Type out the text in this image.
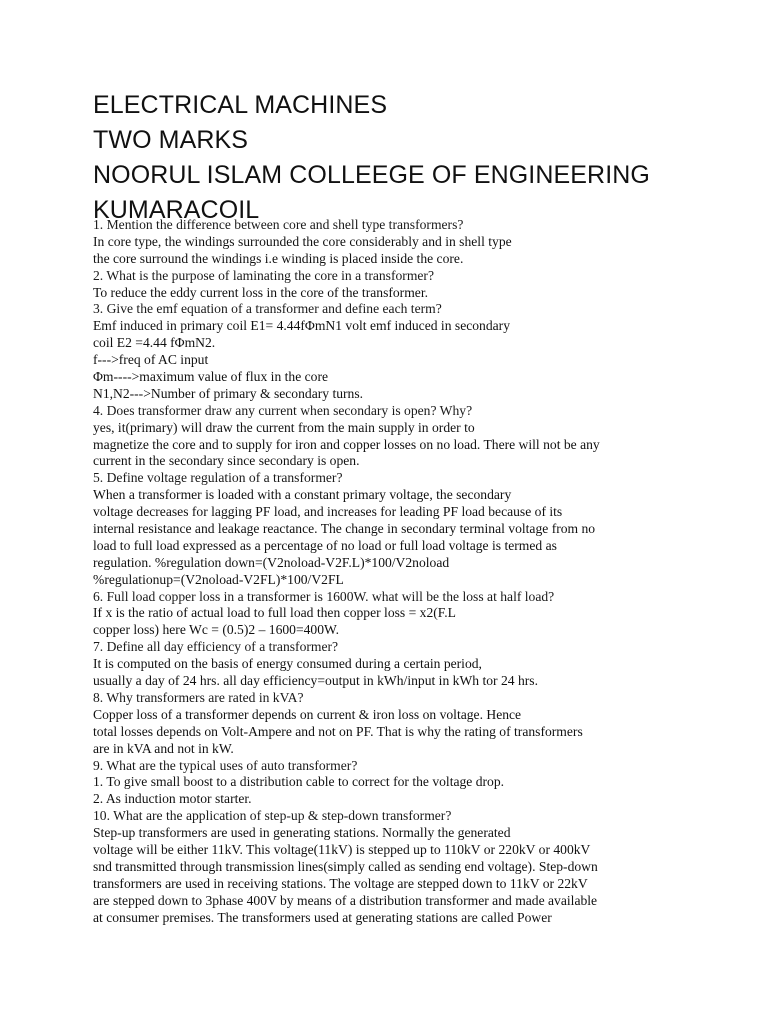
ELECTRICAL MACHINES
TWO MARKS
NOORUL ISLAM COLLEEGE OF ENGINEERING
KUMARACOIL
1. Mention the difference between core and shell type transformers?
In core type, the windings surrounded the core considerably and in shell type
the core surround the windings i.e winding is placed inside the core.
2. What is the purpose of laminating the core in a transformer?
To reduce the eddy current loss in the core of the transformer.
3. Give the emf equation of a transformer and define each term?
Emf induced in primary coil E1= 4.44fΦmN1 volt emf induced in secondary
coil E2 =4.44 fΦmN2.
f--->freq of AC input
Φm---->maximum value of flux in the core
N1,N2--->Number of primary & secondary turns.
4. Does transformer draw any current when secondary is open? Why?
yes, it(primary) will draw the current from the main supply in order to
magnetize the core and to supply for iron and copper losses on no load. There will not be any
current in the secondary since secondary is open.
5. Define voltage regulation of a transformer?
When a transformer is loaded with a constant primary voltage, the secondary
voltage decreases for lagging PF load, and increases for leading PF load because of its
internal resistance and leakage reactance. The change in secondary terminal voltage from no
load to full load expressed as a percentage of no load or full load voltage is termed as
regulation. %regulation down=(V2noload-V2F.L)*100/V2noload
%regulationup=(V2noload-V2FL)*100/V2FL
6. Full load copper loss in a transformer is 1600W. what will be the loss at half load?
If x is the ratio of actual load to full load then copper loss = x2(F.L
copper loss) here Wc = (0.5)2 – 1600=400W.
7. Define all day efficiency of a transformer?
It is computed on the basis of energy consumed during a certain period,
usually a day of 24 hrs. all day efficiency=output in kWh/input in kWh tor 24 hrs.
8. Why transformers are rated in kVA?
Copper loss of a transformer depends on current & iron loss on voltage. Hence
total losses depends on Volt-Ampere and not on PF. That is why the rating of transformers
are in kVA and not in kW.
9. What are the typical uses of auto transformer?
1. To give small boost to a distribution cable to correct for the voltage drop.
2. As induction motor starter.
10. What are the application of step-up & step-down transformer?
Step-up transformers are used in generating stations. Normally the generated
voltage will be either 11kV. This voltage(11kV) is stepped up to 110kV or 220kV or 400kV
snd transmitted through transmission lines(simply called as sending end voltage). Step-down
transformers are used in receiving stations. The voltage are stepped down to 11kV or 22kV
are stepped down to 3phase 400V by means of a distribution transformer and made available
at consumer premises. The transformers used at generating stations are called Power
